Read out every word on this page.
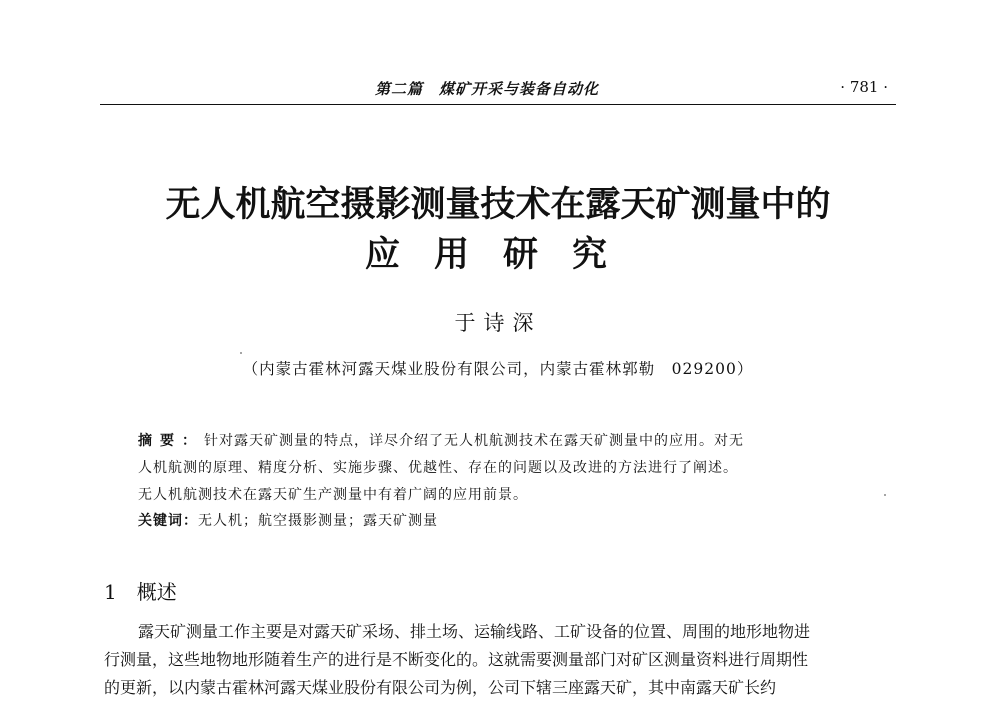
第二篇　煤矿开采与装备自动化	· 781 ·
无人机航空摄影测量技术在露天矿测量中的
应用研究
于诗深
（内蒙古霍林河露天煤业股份有限公司，内蒙古霍林郭勒　029200）
摘要：针对露天矿测量的特点，详尽介绍了无人机航测技术在露天矿测量中的应用。对无
人机航测的原理、精度分析、实施步骤、优越性、存在的问题以及改进的方法进行了阐述。
无人机航测技术在露天矿生产测量中有着广阔的应用前景。
关键词：无人机；航空摄影测量；露天矿测量
1 概述
露天矿测量工作主要是对露天矿采场、排土场、运输线路、工矿设备的位置、周围的地形地物进
行测量，这些地物地形随着生产的进行是不断变化的。这就需要测量部门对矿区测量资料进行周期性
的更新，以内蒙古霍林河露天煤业股份有限公司为例，公司下辖三座露天矿，其中南露天矿长约
